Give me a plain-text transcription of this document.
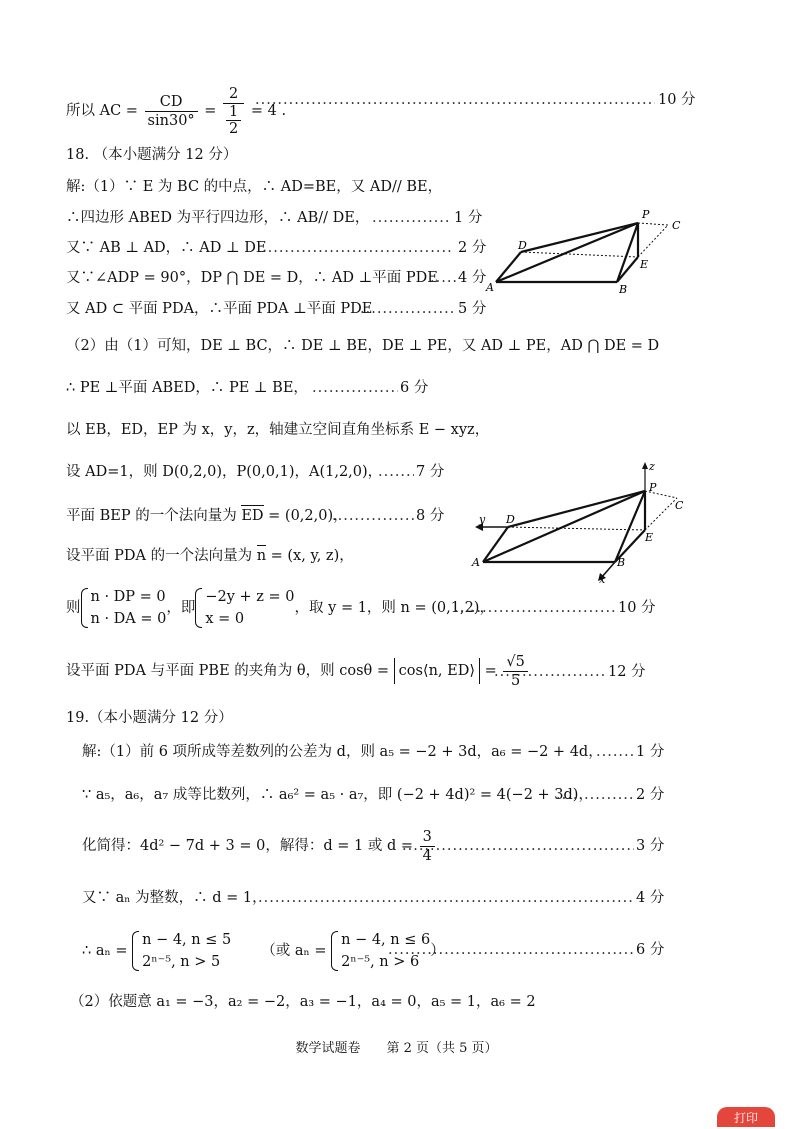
所以 AC = $\frac{CD}{\sin 30^\circ} = \frac{2}{\frac{1}{2}} = 4$ .
.....
10 分
18. （本小题满分 12 分）
解:（1）∵ E 为 BC 的中点，∴ AD=BE，又 AD// BE，
∴四边形 ABED 为平行四边形，∴ AB// DE， .....	1 分
又∵ AB ⊥ AD，∴ AD ⊥ DE .....	2 分
又∵∠ADP = 90°，DP ⋂ DE = D，∴ AD ⊥平面 PDE ..... 4 分
又 AD ⊂ 平面 PDA，∴平面 PDA ⊥平面 PDE .....	5 分
P
C
D
E
A	B
（2）由（1）可知，DE ⊥ BC，∴ DE ⊥ BE，DE ⊥ PE，又 AD ⊥ PE，AD ⋂ DE = D
∴ PE ⊥平面 ABED，∴ PE ⊥ BE， .....	6 分
以 EB，ED，EP 为 x，y，z，轴建立空间直角坐标系 E − xyz，
设 AD=1，则 D(0,2,0)，P(0,0,1)，A(1,2,0)， ..... 7 分
平面 BEP 的一个法向量为 ED = (0,2,0)， .....	8 分
设平面 PDA 的一个法向量为 n = (x, y, z)，
z
P
y D
C
E
A	B
x
则
n · DP = 0
n · DA = 0
，即
−2y + z = 0
x = 0
，取 y = 1，则 n = (0,1,2)， .....	10 分
设平面 PDA 与平面 PBE 的夹角为 θ，则 cosθ = cos⟨n, ED⟩ = $\frac{√5}{5}$ .....	12 分
19.（本小题满分 12 分）
解:（1）前 6 项所成等差数列的公差为 d，则 a₅ = −2 + 3d，a₆ = −2 + 4d， ..... 1 分
∵ a₅，a₆，a₇ 成等比数列，∴ a₆² = a₅ · a₇，即 (−2 + 4d)² = 4(−2 + 3d)， .....	2 分
化简得：4d² − 7d + 3 = 0，解得：d = 1 或 $d = \frac{3}{4}$ .....	3 分
又∵ aₙ 为整数，∴ d = 1， .....	4 分
∴ aₙ =
n − 4, n ≤ 5
2ⁿ⁻⁵, n > 5
（或 aₙ =
n − 4, n ≤ 6
2ⁿ⁻⁵, n > 6
） .....	6 分
（2）依题意 a₁ = −3，a₂ = −2，a₃ = −1，a₄ = 0，a₅ = 1，a₆ = 2
数学试题卷　　第 2 页（共 5 页）
打印
